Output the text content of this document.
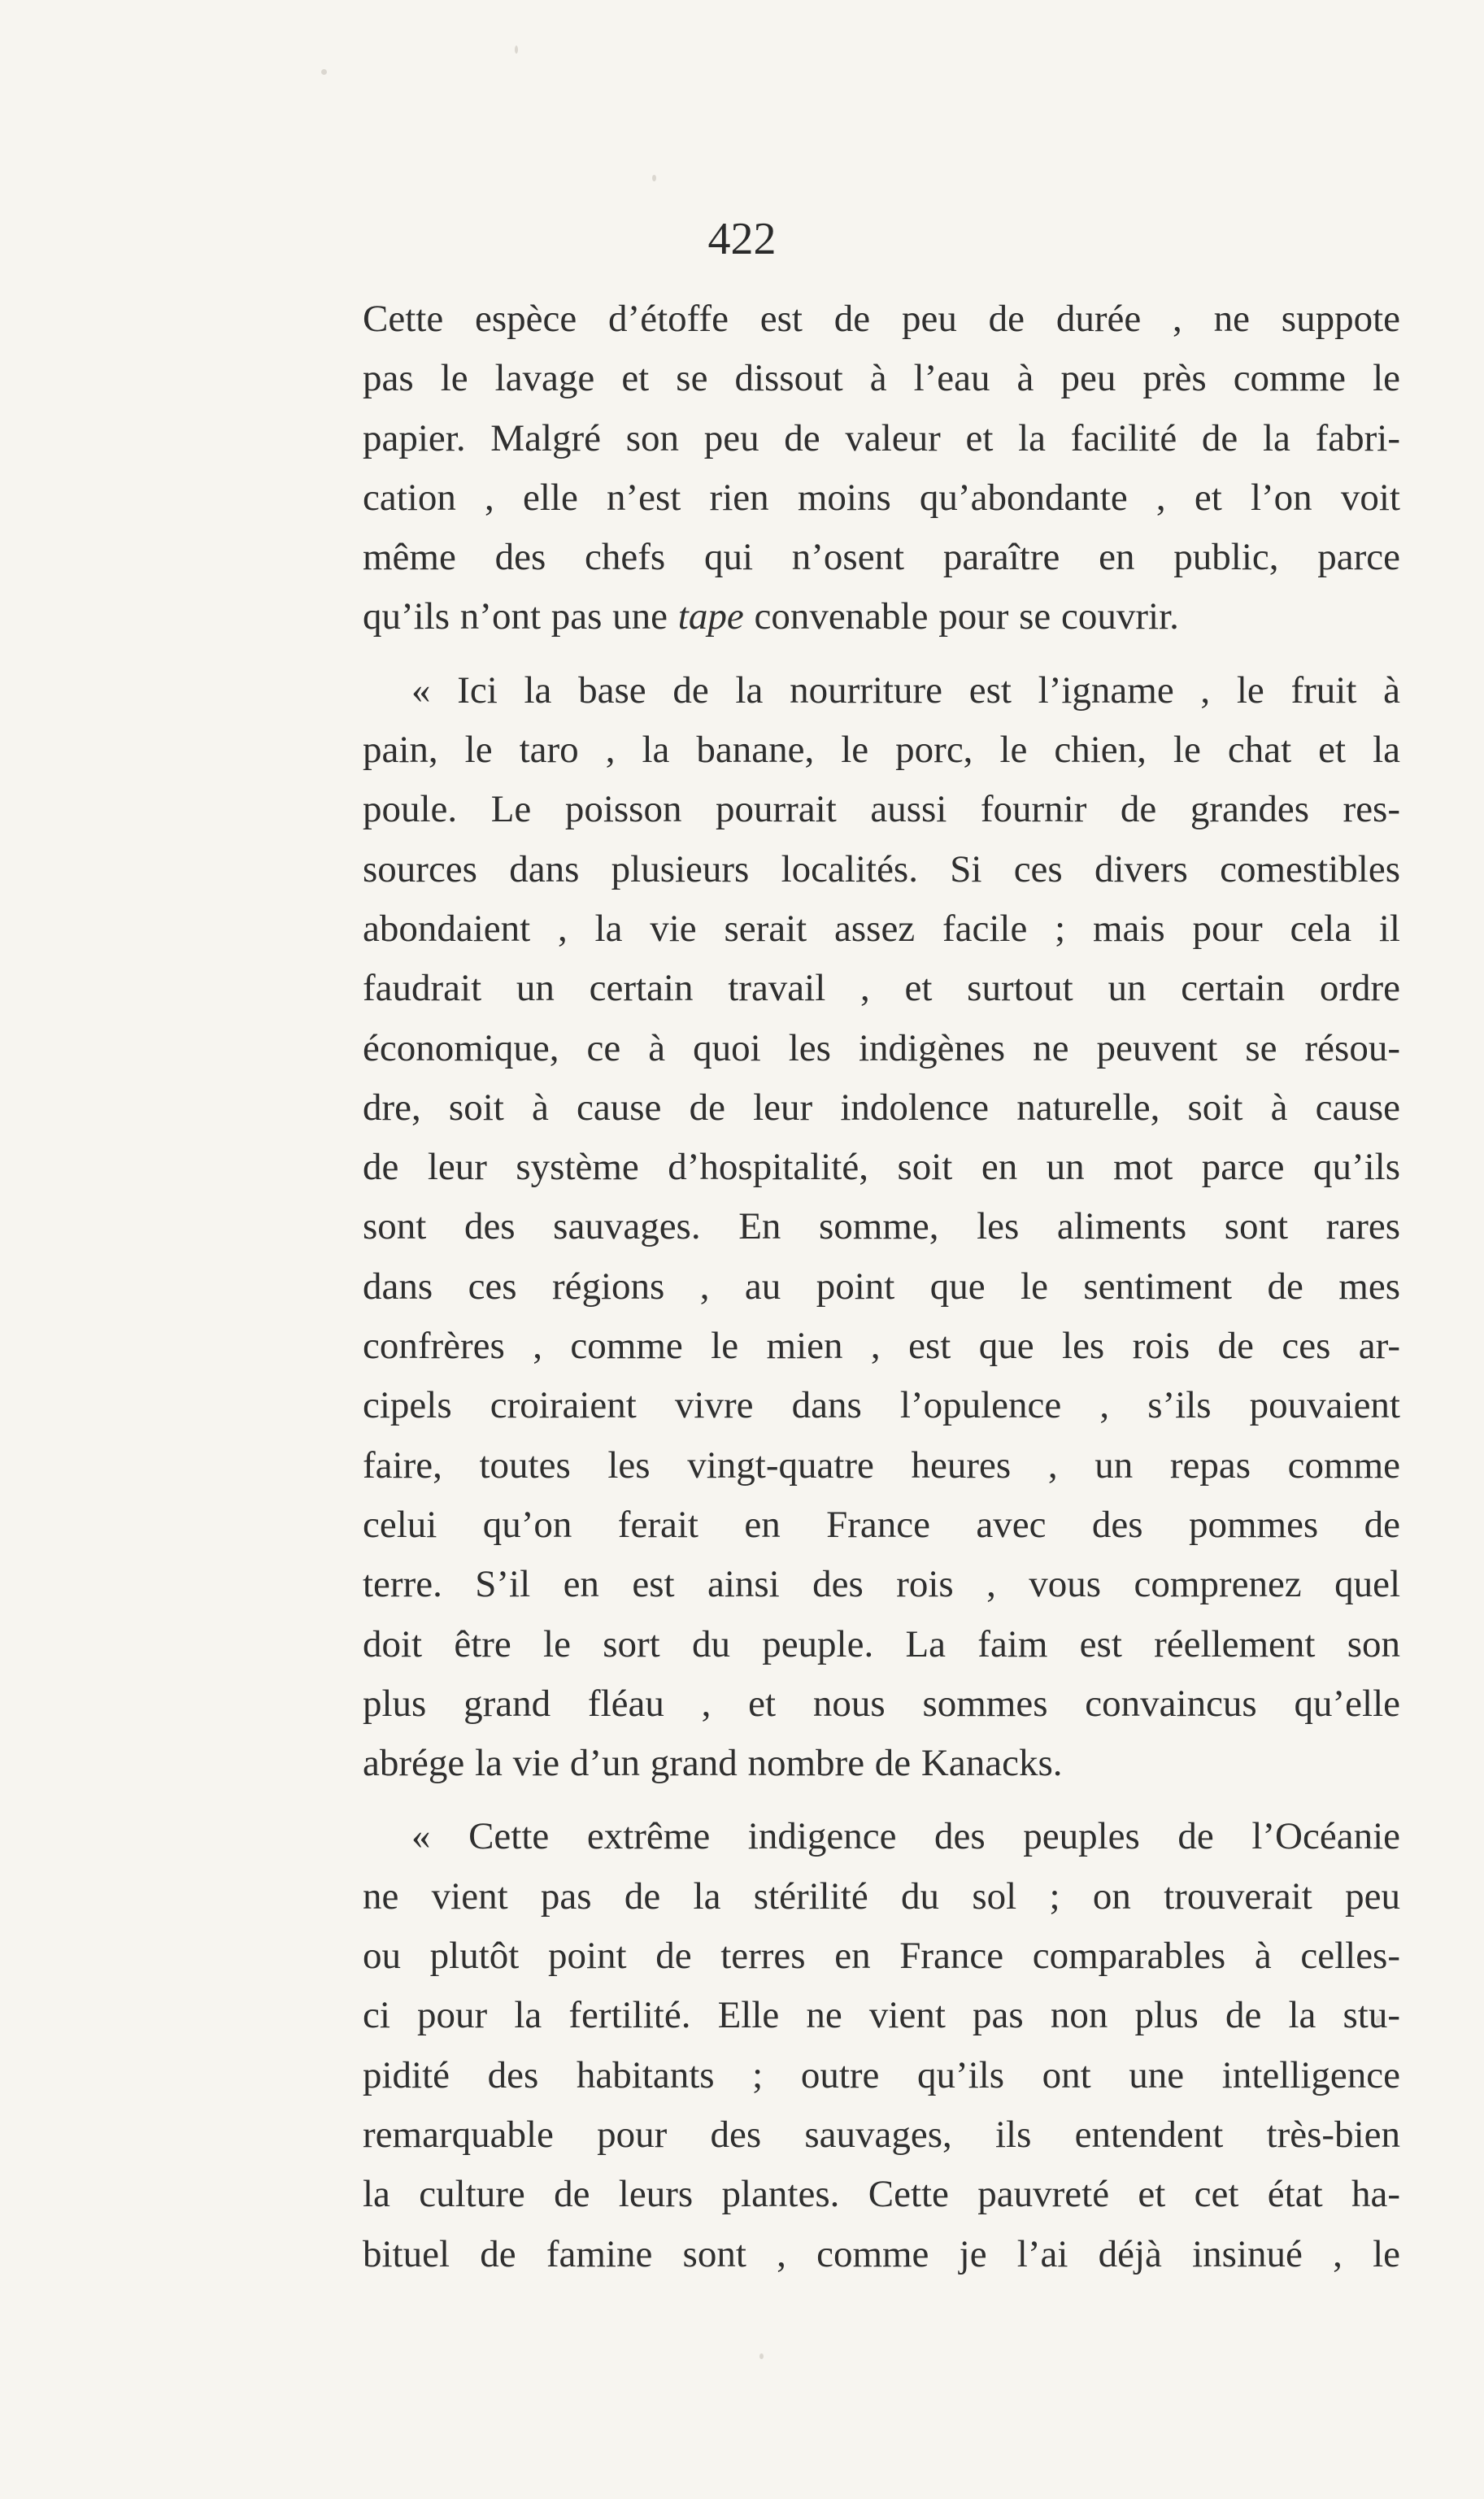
422

Cette espèce d’étoffe est de peu de durée , ne suppote
pas le lavage et se dissout à l’eau à peu près comme le
papier. Malgré son peu de valeur et la facilité de la fabri-
cation , elle n’est rien moins qu’abondante , et l’on voit
même des chefs qui n’osent paraître en public, parce
qu’ils n’ont pas une tape convenable pour se couvrir.

« Ici la base de la nourriture est l’igname , le fruit à
pain, le taro , la banane, le porc, le chien, le chat et la
poule. Le poisson pourrait aussi fournir de grandes res-
sources dans plusieurs localités. Si ces divers comestibles
abondaient , la vie serait assez facile ; mais pour cela il
faudrait un certain travail , et surtout un certain ordre
économique, ce à quoi les indigènes ne peuvent se résou-
dre, soit à cause de leur indolence naturelle, soit à cause
de leur système d’hospitalité, soit en un mot parce qu’ils
sont des sauvages. En somme, les aliments sont rares
dans ces régions , au point que le sentiment de mes
confrères , comme le mien , est que les rois de ces ar-
cipels croiraient vivre dans l’opulence , s’ils pouvaient
faire, toutes les vingt-quatre heures , un repas comme
celui qu’on ferait en France avec des pommes de
terre. S’il en est ainsi des rois , vous comprenez quel
doit être le sort du peuple. La faim est réellement son
plus grand fléau , et nous sommes convaincus qu’elle
abrége la vie d’un grand nombre de Kanacks.

« Cette extrême indigence des peuples de l’Océanie
ne vient pas de la stérilité du sol ; on trouverait peu
ou plutôt point de terres en France comparables à celles-
ci pour la fertilité. Elle ne vient pas non plus de la stu-
pidité des habitants ; outre qu’ils ont une intelligence
remarquable pour des sauvages, ils entendent très-bien
la culture de leurs plantes. Cette pauvreté et cet état ha-
bituel de famine sont , comme je l’ai déjà insinué , le
